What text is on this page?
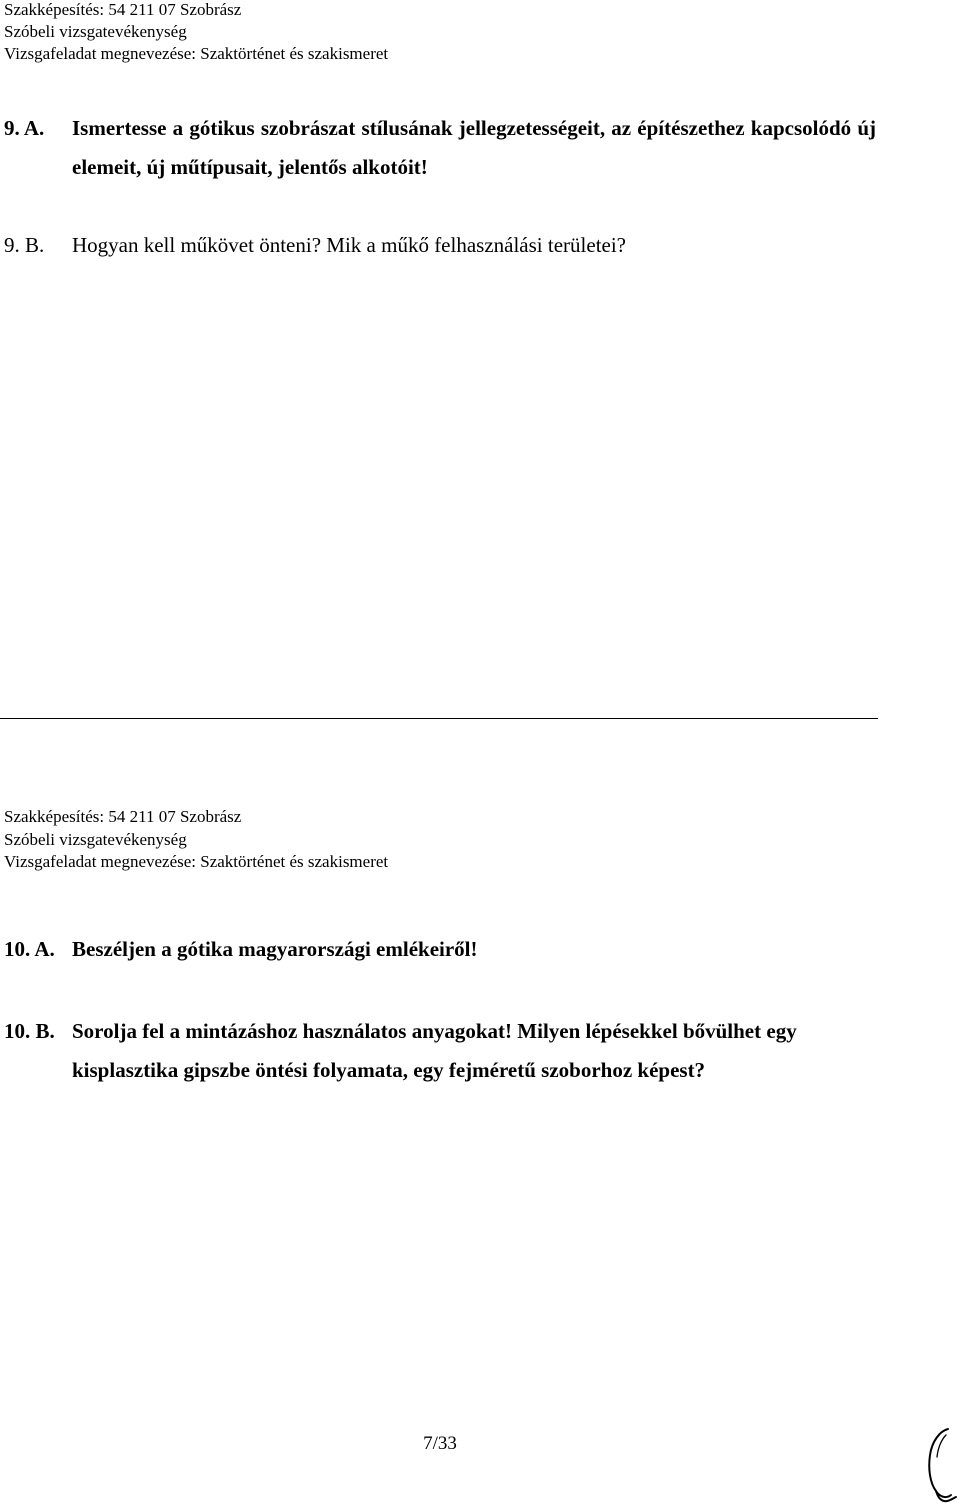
Szakképesítés: 54 211 07 Szobrász
Szóbeli vizsgatevékenység
Vizsgafeladat megnevezése: Szaktörténet és szakismeret
9. A. Ismertesse a gótikus szobrászat stílusának jellegzetességeit, az építészethez kapcsolódó új elemeit, új műtípusait, jelentős alkotóit!
9. B. Hogyan kell műkövet önteni? Mik a műkő felhasználási területei?
Szakképesítés: 54 211 07 Szobrász
Szóbeli vizsgatevékenység
Vizsgafeladat megnevezése: Szaktörténet és szakismeret
10. A. Beszéljen a gótika magyarországi emlékeiről!
10. B. Sorolja fel a mintázáshoz használatos anyagokat! Milyen lépésekkel bővülhet egy kisplasztika gipszbe öntési folyamata, egy fejméretű szoborhoz képest?
7/33
